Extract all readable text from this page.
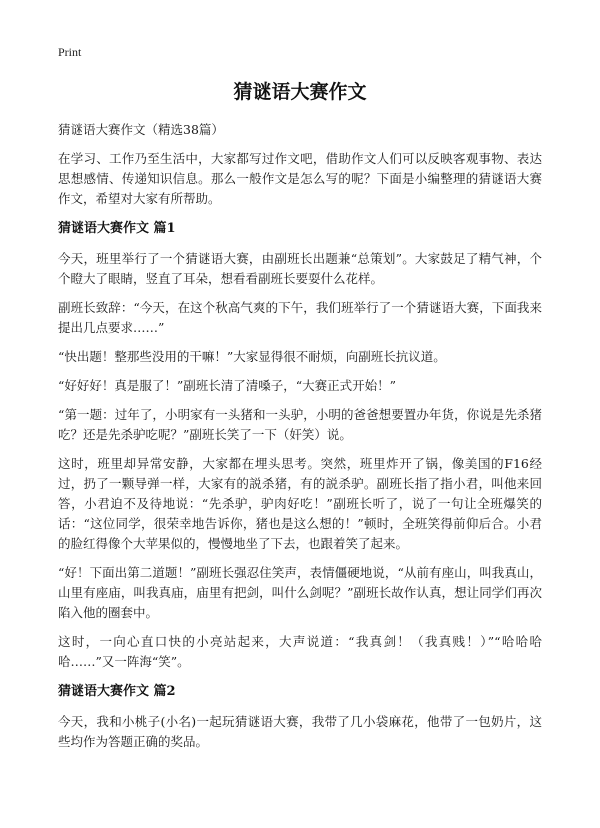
Print
猜谜语大赛作文

猜谜语大赛作文（精选38篇）

在学习、工作乃至生活中，大家都写过作文吧，借助作文人们可以反映客观事物、表达思想感情、传递知识信息。那么一般作文是怎么写的呢？下面是小编整理的猜谜语大赛作文，希望对大家有所帮助。

猜谜语大赛作文 篇1

今天，班里举行了一个猜谜语大赛，由副班长出题兼“总策划”。大家鼓足了精气神，个个瞪大了眼睛，竖直了耳朵，想看看副班长要耍什么花样。

副班长致辞：“今天，在这个秋高气爽的下午，我们班举行了一个猜谜语大赛，下面我来提出几点要求……”

“快出题！整那些没用的干嘛！”大家显得很不耐烦，向副班长抗议道。

“好好好！真是服了！”副班长清了清嗓子，“大赛正式开始！”

“第一题：过年了，小明家有一头猪和一头驴，小明的爸爸想要置办年货，你说是先杀猪吃？还是先杀驴吃呢？”副班长笑了一下（奸笑）说。

这时，班里却异常安静，大家都在埋头思考。突然，班里炸开了锅，像美国的F16经过，扔了一颗导弹一样，大家有的説杀猪，有的説杀驴。副班长指了指小君，叫他来回答，小君迫不及待地说：“先杀驴，驴肉好吃！”副班长听了，说了一句让全班爆笑的话：“这位同学，很荣幸地告诉你，猪也是这么想的！”顿时，全班笑得前仰后合。小君的脸红得像个大苹果似的，慢慢地坐了下去，也跟着笑了起来。

“好！下面出第二道题！”副班长强忍住笑声，表情僵硬地说，“从前有座山，叫我真山，山里有座庙，叫我真庙，庙里有把剑，叫什么剑呢？”副班长故作认真，想让同学们再次陷入他的圈套中。

这时，一向心直口快的小亮站起来，大声说道：“我真剑！（我真贱！）”“哈哈哈哈……”又一阵海“笑”。

猜谜语大赛作文 篇2

今天，我和小桃子(小名)一起玩猜谜语大赛，我带了几小袋麻花，他带了一包奶片，这些均作为答题正确的奖品。
